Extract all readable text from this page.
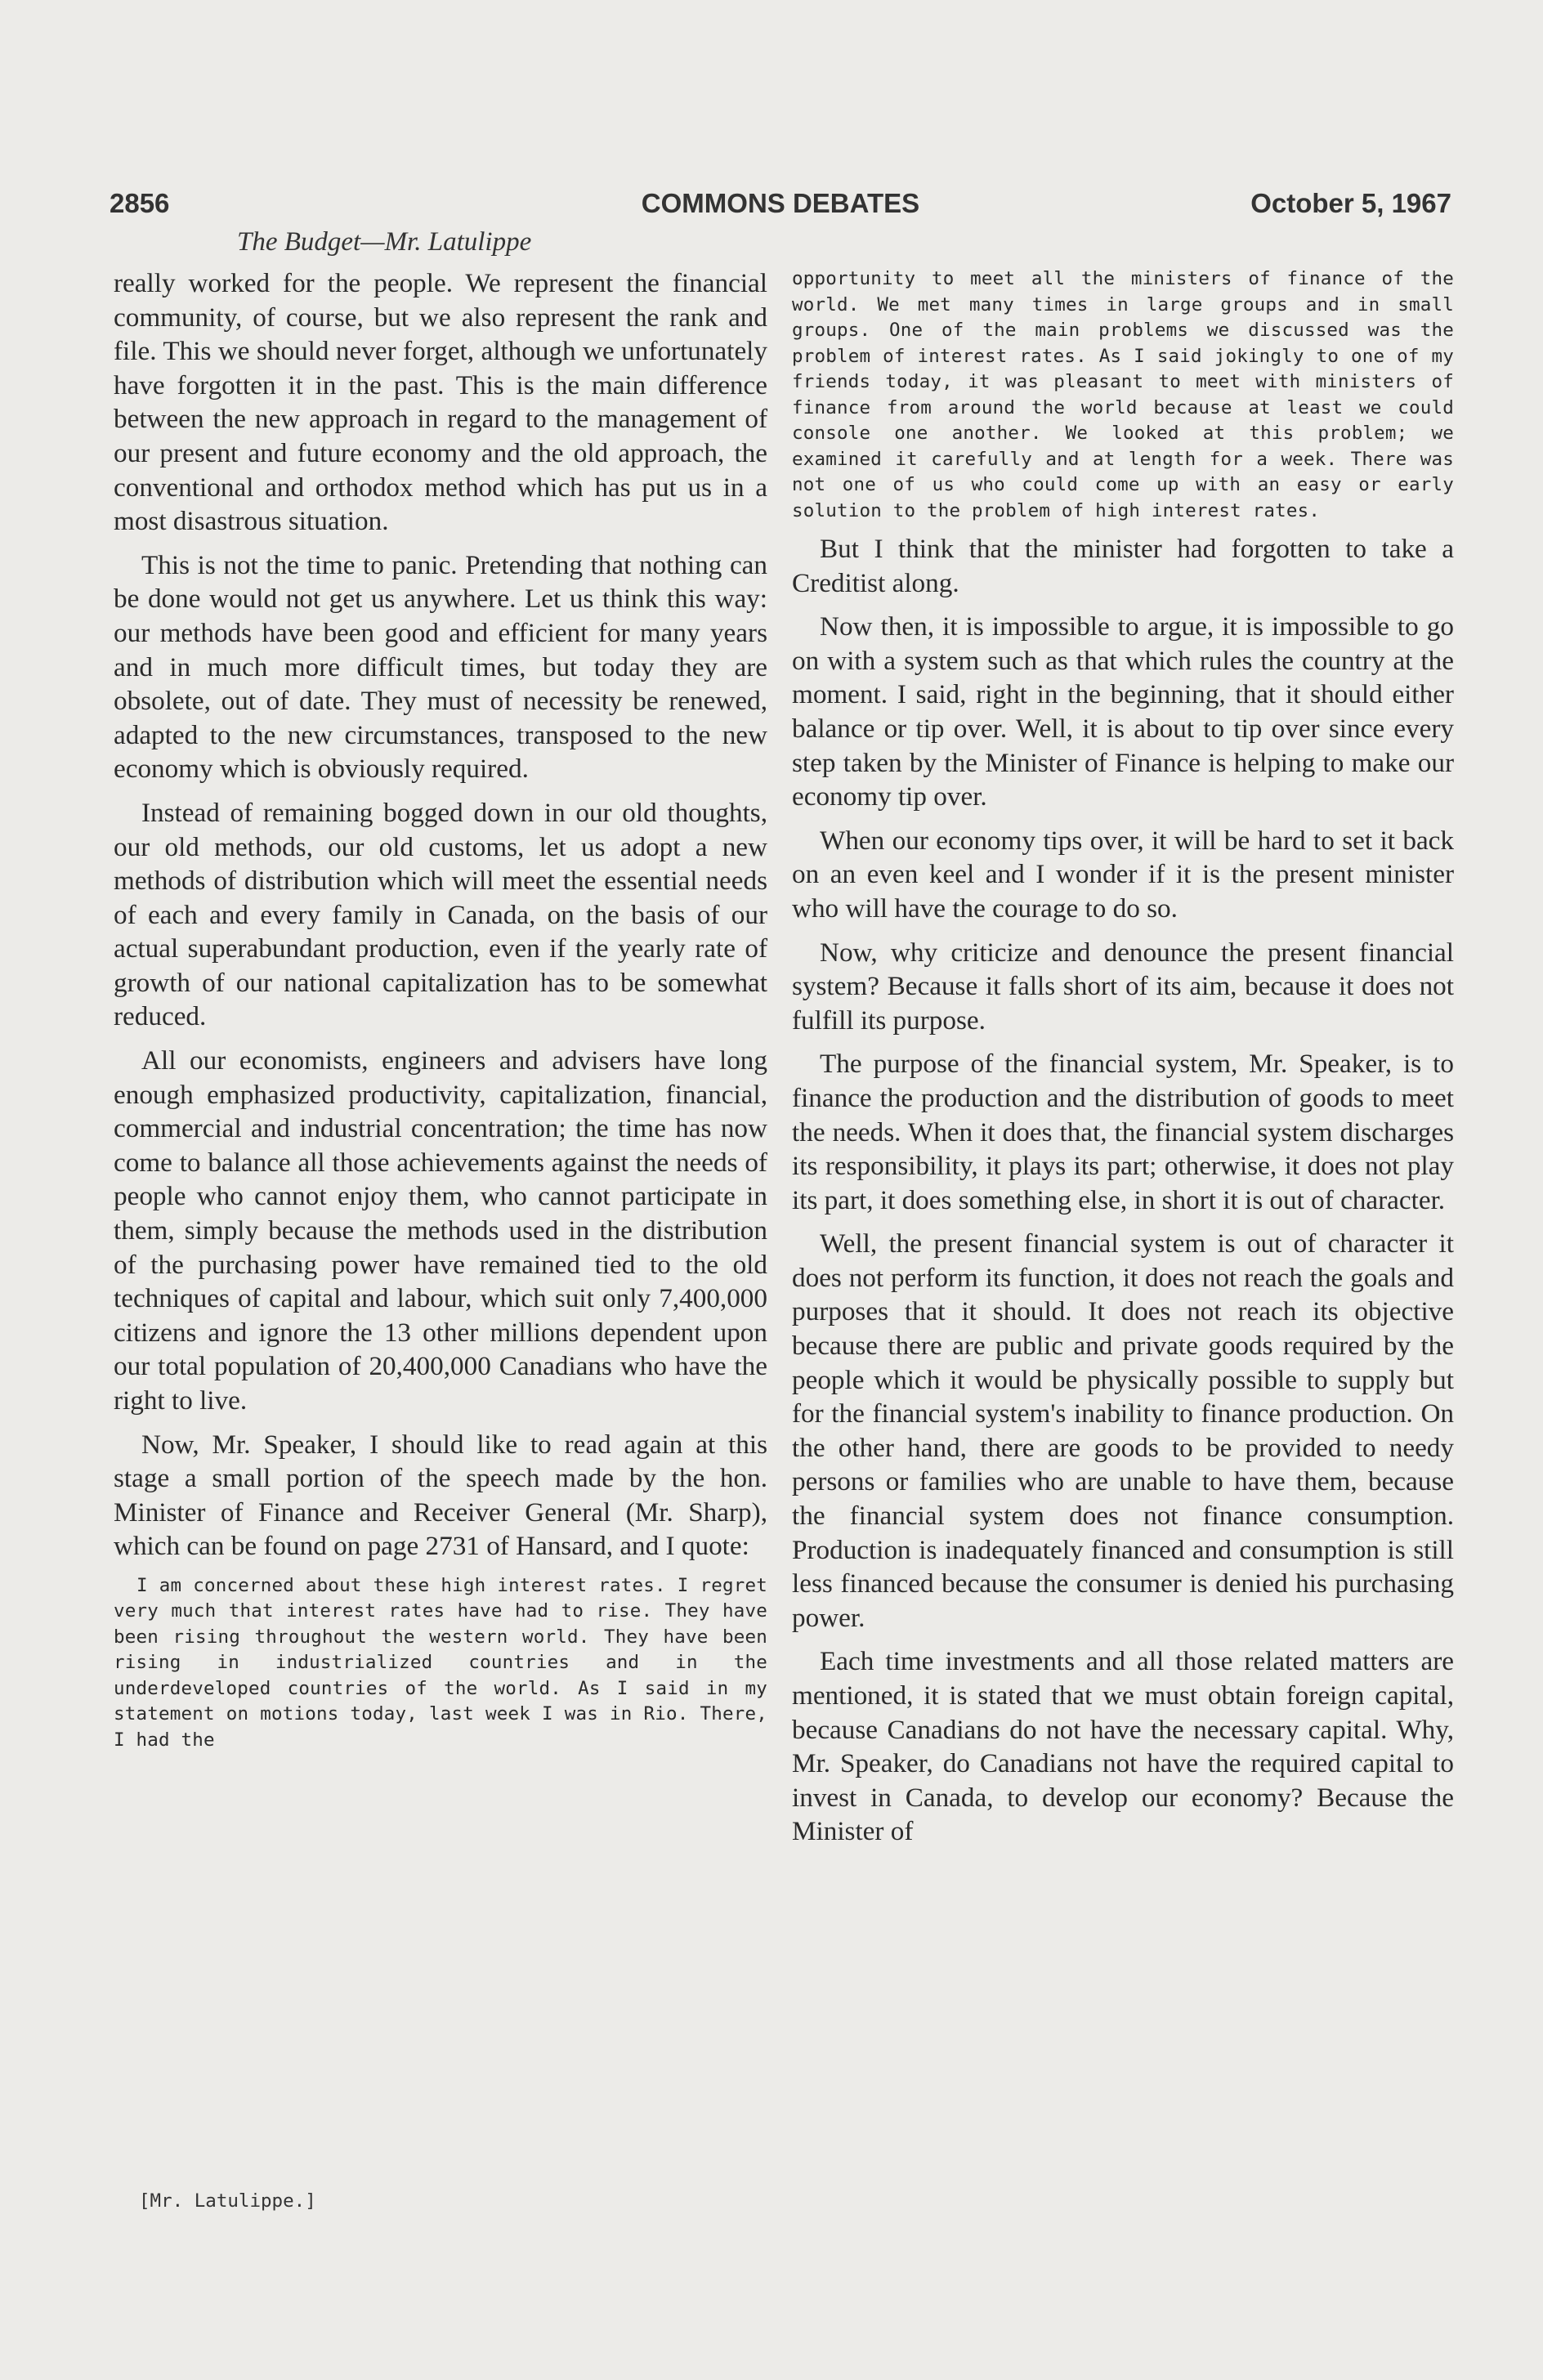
2856	COMMONS DEBATES	October 5, 1967
The Budget—Mr. Latulippe

really worked for the people. We represent the financial community, of course, but we also represent the rank and file. This we should never forget, although we unfortunately have forgotten it in the past. This is the main difference between the new approach in regard to the management of our present and future economy and the old approach, the conventional and orthodox method which has put us in a most disastrous situation.

This is not the time to panic. Pretending that nothing can be done would not get us anywhere. Let us think this way: our methods have been good and efficient for many years and in much more difficult times, but today they are obsolete, out of date. They must of necessity be renewed, adapted to the new circumstances, transposed to the new economy which is obviously required.

Instead of remaining bogged down in our old thoughts, our old methods, our old customs, let us adopt a new methods of distribution which will meet the essential needs of each and every family in Canada, on the basis of our actual superabundant production, even if the yearly rate of growth of our national capitalization has to be somewhat reduced.

All our economists, engineers and advisers have long enough emphasized productivity, capitalization, financial, commercial and industrial concentration; the time has now come to balance all those achievements against the needs of people who cannot enjoy them, who cannot participate in them, simply because the methods used in the distribution of the purchasing power have remained tied to the old techniques of capital and labour, which suit only 7,400,000 citizens and ignore the 13 other millions dependent upon our total population of 20,400,000 Canadians who have the right to live.

Now, Mr. Speaker, I should like to read again at this stage a small portion of the speech made by the hon. Minister of Finance and Receiver General (Mr. Sharp), which can be found on page 2731 of Hansard, and I quote:

I am concerned about these high interest rates. I regret very much that interest rates have had to rise. They have been rising throughout the western world. They have been rising in industrialized countries and in the underdeveloped countries of the world. As I said in my statement on motions today, last week I was in Rio. There, I had the

opportunity to meet all the ministers of finance of the world. We met many times in large groups and in small groups. One of the main problems we discussed was the problem of interest rates. As I said jokingly to one of my friends today, it was pleasant to meet with ministers of finance from around the world because at least we could console one another. We looked at this problem; we examined it carefully and at length for a week. There was not one of us who could come up with an easy or early solution to the problem of high interest rates.

But I think that the minister had forgotten to take a Creditist along.

Now then, it is impossible to argue, it is impossible to go on with a system such as that which rules the country at the moment. I said, right in the beginning, that it should either balance or tip over. Well, it is about to tip over since every step taken by the Minister of Finance is helping to make our economy tip over.

When our economy tips over, it will be hard to set it back on an even keel and I wonder if it is the present minister who will have the courage to do so.

Now, why criticize and denounce the present financial system? Because it falls short of its aim, because it does not fulfill its purpose.

The purpose of the financial system, Mr. Speaker, is to finance the production and the distribution of goods to meet the needs. When it does that, the financial system discharges its responsibility, it plays its part; otherwise, it does not play its part, it does something else, in short it is out of character.

Well, the present financial system is out of character it does not perform its function, it does not reach the goals and purposes that it should. It does not reach its objective because there are public and private goods required by the people which it would be physically possible to supply but for the financial system's inability to finance production. On the other hand, there are goods to be provided to needy persons or families who are unable to have them, because the financial system does not finance consumption. Production is inadequately financed and consumption is still less financed because the consumer is denied his purchasing power.

Each time investments and all those related matters are mentioned, it is stated that we must obtain foreign capital, because Canadians do not have the necessary capital. Why, Mr. Speaker, do Canadians not have the required capital to invest in Canada, to develop our economy? Because the Minister of

[Mr. Latulippe.]
